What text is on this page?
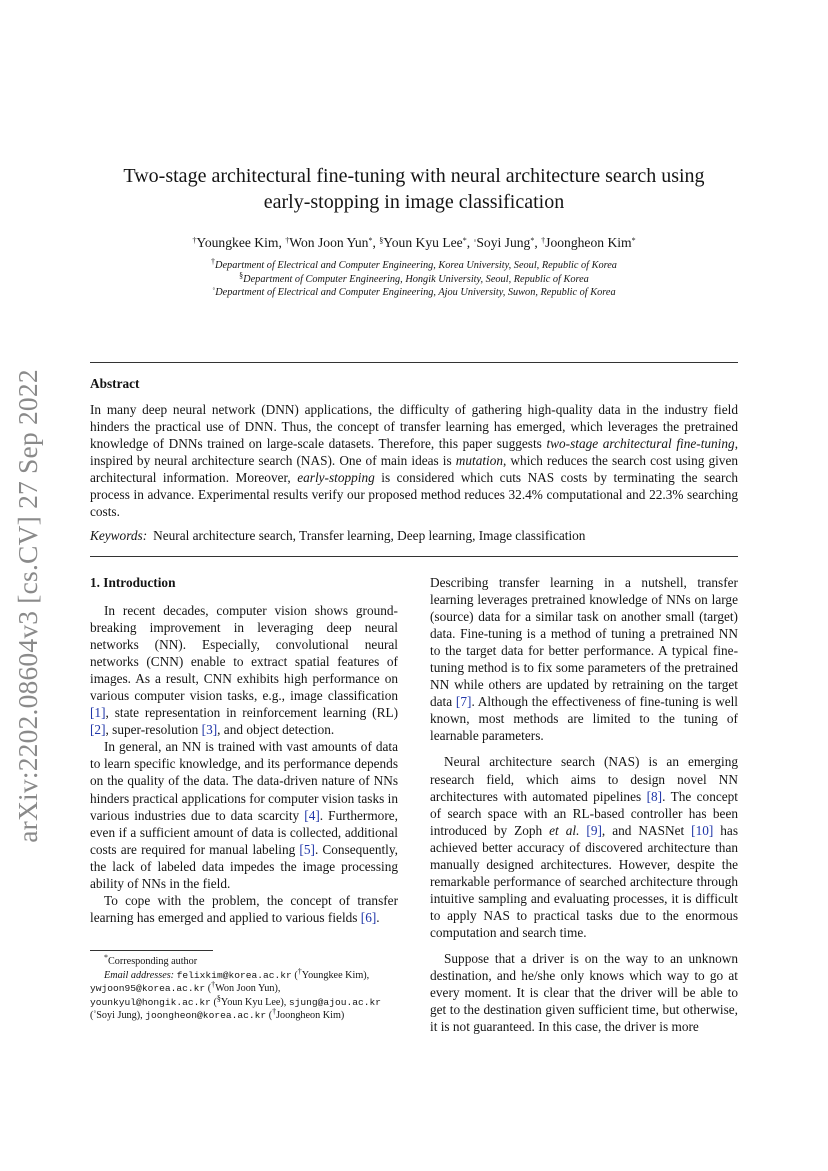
arXiv:2202.08604v3 [cs.CV] 27 Sep 2022
Two-stage architectural fine-tuning with neural architecture search using
early-stopping in image classification
†Youngkee Kim, †Won Joon Yun*, §Youn Kyu Lee*, ◦Soyi Jung*, †Joongheon Kim*
†Department of Electrical and Computer Engineering, Korea University, Seoul, Republic of Korea
§Department of Computer Engineering, Hongik University, Seoul, Republic of Korea
◦Department of Electrical and Computer Engineering, Ajou University, Suwon, Republic of Korea
Abstract
In many deep neural network (DNN) applications, the difficulty of gathering high-quality data in the industry field hinders the practical use of DNN. Thus, the concept of transfer learning has emerged, which leverages the pretrained knowledge of DNNs trained on large-scale datasets. Therefore, this paper suggests two-stage architectural fine-tuning, inspired by neural architecture search (NAS). One of main ideas is mutation, which reduces the search cost using given architectural information. Moreover, early-stopping is considered which cuts NAS costs by terminating the search process in advance. Experimental results verify our proposed method reduces 32.4% computational and 22.3% searching costs.
Keywords: Neural architecture search, Transfer learning, Deep learning, Image classification
1. Introduction

In recent decades, computer vision shows ground-breaking improvement in leveraging deep neural networks (NN). Especially, convolutional neural networks (CNN) enable to extract spatial features of images. As a result, CNN exhibits high performance on various computer vision tasks, e.g., image classification [1], state representation in reinforcement learning (RL) [2], super-resolution [3], and object detection.

In general, an NN is trained with vast amounts of data to learn specific knowledge, and its performance depends on the quality of the data. The data-driven nature of NNs hinders practical applications for computer vision tasks in various industries due to data scarcity [4]. Furthermore, even if a sufficient amount of data is collected, additional costs are required for manual labeling [5]. Consequently, the lack of labeled data impedes the image processing ability of NNs in the field.

To cope with the problem, the concept of transfer learning has emerged and applied to various fields [6].

Describing transfer learning in a nutshell, transfer learning leverages pretrained knowledge of NNs on large (source) data for a similar task on another small (target) data. Fine-tuning is a method of tuning a pretrained NN to the target data for better performance. A typical fine-tuning method is to fix some parameters of the pretrained NN while others are updated by retraining on the target data [7]. Although the effectiveness of fine-tuning is well known, most methods are limited to the tuning of learnable parameters.

Neural architecture search (NAS) is an emerging research field, which aims to design novel NN architectures with automated pipelines [8]. The concept of search space with an RL-based controller has been introduced by Zoph et al. [9], and NASNet [10] has achieved better accuracy of discovered architecture than manually designed architectures. However, despite the remarkable performance of searched architecture through intuitive sampling and evaluating processes, it is difficult to apply NAS to practical tasks due to the enormous computation and search time.

Suppose that a driver is on the way to an unknown destination, and he/she only knows which way to go at every moment. It is clear that the driver will be able to get to the destination given sufficient time, but otherwise, it is not guaranteed. In this case, the driver is more

*Corresponding author
Email addresses: felixkim@korea.ac.kr (†Youngkee Kim), ywjoon95@korea.ac.kr (†Won Joon Yun), younkyul@hongik.ac.kr (§Youn Kyu Lee), sjung@ajou.ac.kr (◦Soyi Jung), joongheon@korea.ac.kr (†Joongheon Kim)
